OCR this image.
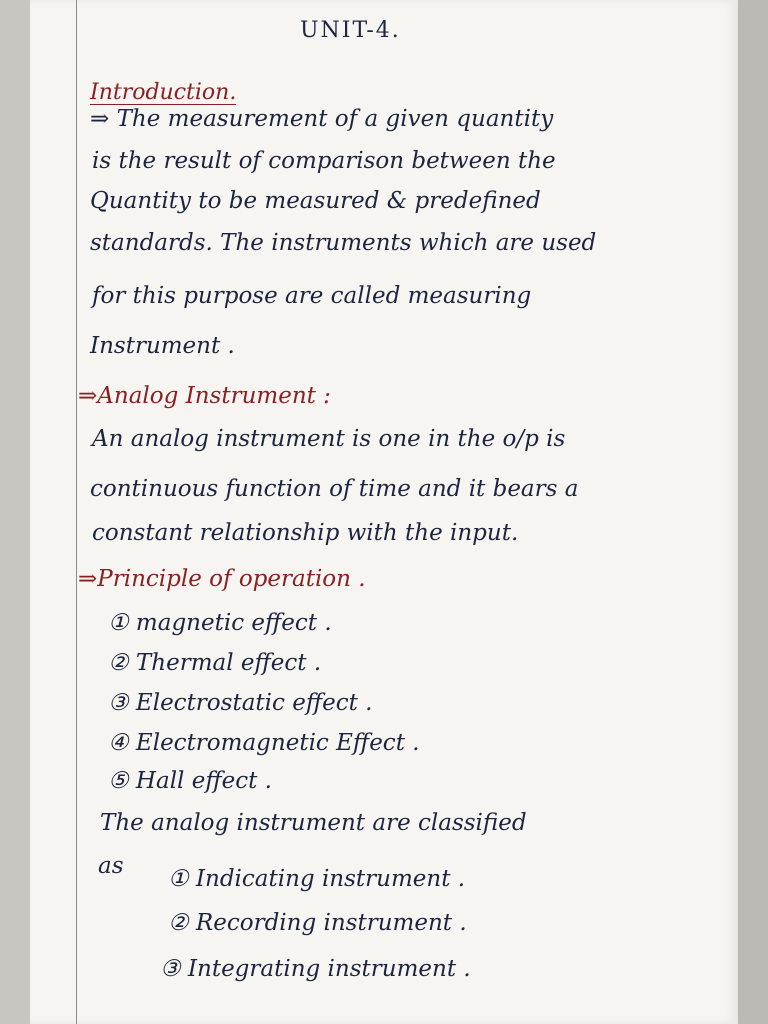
UNIT-4.
Introduction.
⇒ The measurement of a given quantity
is the result of comparison between the
Quantity to be measured & predefined
standards. The instruments which are used
for this purpose are called measuring
Instrument .
⇒Analog Instrument :
An analog instrument is one in the o/p is
continuous function of time and it bears a
constant relationship with the input.
⇒Principle of operation .
① magnetic effect .
② Thermal effect .
③ Electrostatic effect .
④ Electromagnetic Effect .
⑤ Hall effect .
The analog instrument are classified
as ① Indicating instrument .
② Recording instrument .
③ Integrating instrument .
